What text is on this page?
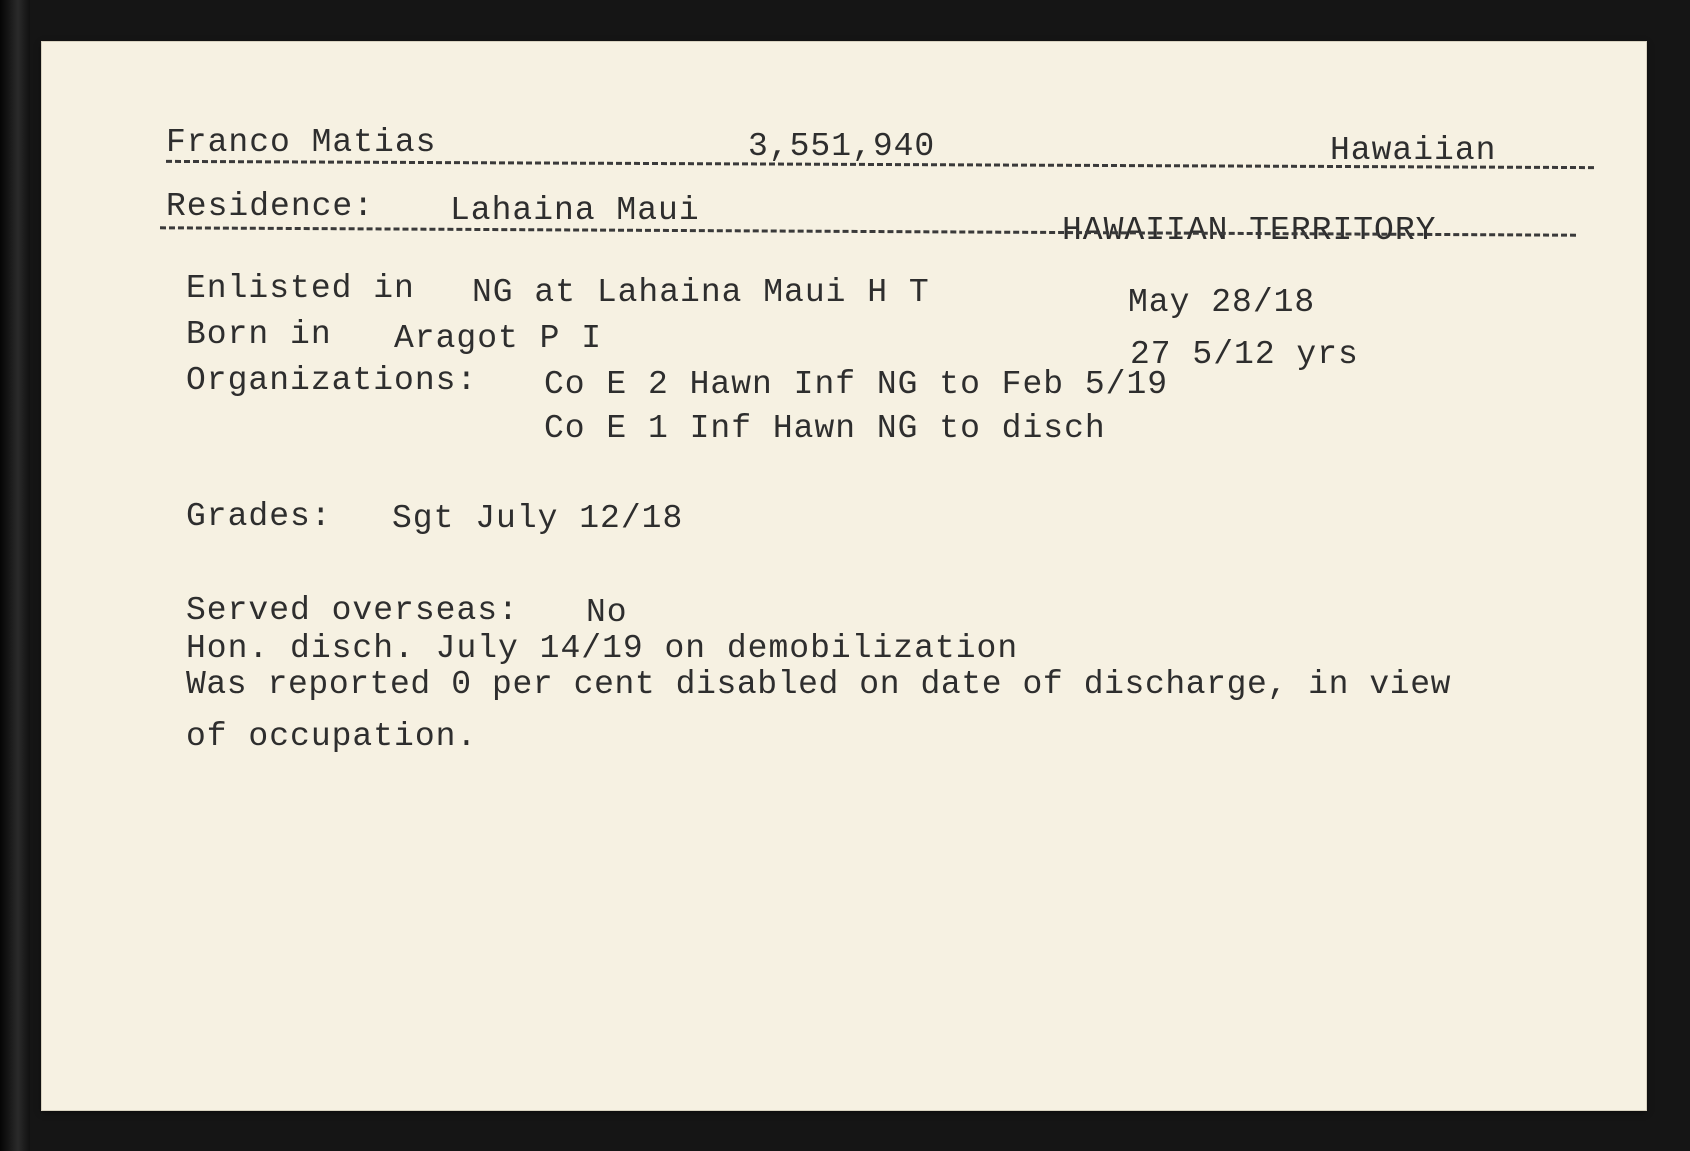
Franco Matias	3,551,940	Hawaiian
Residence: Lahaina Maui
HAWAIIAN TERRITORY
Enlisted in NG at Lahaina Maui H T	May 28/18
Born in Aragot P I	27 5/12 yrs
Organizations: Co E 2 Hawn Inf NG to Feb 5/19
Co E 1 Inf Hawn NG to disch
Grades: Sgt July 12/18
Served overseas: No
Hon. disch. July 14/19 on demobilization
Was reported 0 per cent disabled on date of discharge, in view
of occupation.
